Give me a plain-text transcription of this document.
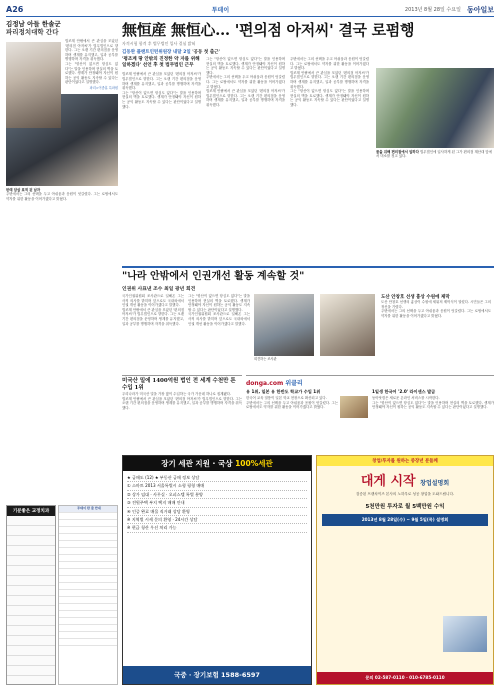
A26	투데이	2013년 8월 28일 수요일 동아일보
김정남 아들 한솔군
파리정치대학 간다

법조계 안팎에서 큰 관심을 모았던 '편의점 아저씨'가 법무법인으로 향한다. 그는 오랜 기간 편의점을 운영하며 생계를 유지했고, 일과 공부를 병행하며 자격을 취득했다.

그는 "항산이 없으면 항심도 없다"는 말을 인용하며 현실의 벽을 토로했다. 생계가 안정돼야 자신이 원하는 공익 활동도 지속할 수 있다는 판단이었다고 설명했다.

파리=이종훈 특파원
한때 암살 표적 된 남자

주변에서는 그의 선택을 두고 아쉬움과 응원이 엇갈렸다. 그는 로펌에서도 약자를 위한 활동을 이어가겠다고 밝혔다.

기분좋은 교정치과
투데이 한 줄 안내
無恒産 無恒心… '편의점 아저씨' 결국 로펌행
자격시험 합격 후 법무법인 입사 결심 밝혀
김동완 플랜트인턴위원장 내달 2일 '공동 첫 출근'
'평조계 땅 안밖의 진정한 약 자를 위해 일하겠다' 선언 후 첫 법무법인 근무

법조계 안팎에서 큰 관심을 모았던 '편의점 아저씨'가 법무법인으로 향한다. 그는 오랜 기간 편의점을 운영하며 생계를 유지했고, 일과 공부를 병행하며 자격을 취득했다.

그는 "항산이 없으면 항심도 없다"는 말을 인용하며 현실의 벽을 토로했다. 생계가 안정돼야 자신이 원하는 공익 활동도 지속할 수 있다는 판단이었다고 설명했다.

그는 "항산이 없으면 항심도 없다"는 말을 인용하며 현실의 벽을 토로했다. 생계가 안정돼야 자신이 원하는 공익 활동도 지속할 수 있다는 판단이었다고 설명했다.

주변에서는 그의 선택을 두고 아쉬움과 응원이 엇갈렸다. 그는 로펌에서도 약자를 위한 활동을 이어가겠다고 밝혔다.

법조계 안팎에서 큰 관심을 모았던 '편의점 아저씨'가 법무법인으로 향한다. 그는 오랜 기간 편의점을 운영하며 생계를 유지했고, 일과 공부를 병행하며 자격을 취득했다.

주변에서는 그의 선택을 두고 아쉬움과 응원이 엇갈렸다. 그는 로펌에서도 약자를 위한 활동을 이어가겠다고 밝혔다.

법조계 안팎에서 큰 관심을 모았던 '편의점 아저씨'가 법무법인으로 향한다. 그는 오랜 기간 편의점을 운영하며 생계를 유지했고, 일과 공부를 병행하며 자격을 취득했다.

그는 "항산이 없으면 항심도 없다"는 말을 인용하며 현실의 벽을 토로했다. 생계가 안정돼야 자신이 원하는 공익 활동도 지속할 수 있다는 판단이었다고 설명했다.

꿈을 위해 편의점에서 일하다 법무법인에 입사하게 된 그가 편의점 계산대 앞에서 미소를 짓고 있다.
"나라 안밖에서 인권개선 활동 계속할 것"
인권위 사표낸 조수 최일 광년 회견

국가인권위원회 조사관으로 일해온 그는 사직 의사를 밝히며 앞으로도 국내외에서 인권 개선 활동을 이어가겠다고 말했다.

법조계 안팎에서 큰 관심을 모았던 '편의점 아저씨'가 법무법인으로 향한다. 그는 오랜 기간 편의점을 운영하며 생계를 유지했고, 일과 공부를 병행하며 자격을 취득했다.

그는 "항산이 없으면 항심도 없다"는 말을 인용하며 현실의 벽을 토로했다. 생계가 안정돼야 자신이 원하는 공익 활동도 지속할 수 있다는 판단이었다고 설명했다.

국가인권위원회 조사관으로 일해온 그는 사직 의사를 밝히며 앞으로도 국내외에서 인권 개선 활동을 이어가겠다고 말했다.

회견하는 조사관
도산 안창호 선생 흉상 수원에 제막

도산 안창호 선생의 흉상이 수원에 세워져 제막식이 열렸다. 시민들은 그의 정신을 기렸다.

주변에서는 그의 선택을 두고 아쉬움과 응원이 엇갈렸다. 그는 로펌에서도 약자를 위한 활동을 이어가겠다고 밝혔다.

미국산 밀에 1400억원 법인 전 세계 수천만 톤 수입 1위

우리나라가 미국산 밀을 가장 많이 수입하는 국가 가운데 하나로 집계됐다.

법조계 안팎에서 큰 관심을 모았던 '편의점 아저씨'가 법무법인으로 향한다. 그는 오랜 기간 편의점을 운영하며 생계를 유지했고, 일과 공부를 병행하며 자격을 취득했다.

donga.com 위클리
유 1위, 일본 유 한반도 학교가 수입 1위

한국어 교육 열풍이 일본 학교 현장으로 확산되고 있다.

주변에서는 그의 선택을 두고 아쉬움과 응원이 엇갈렸다. 그는 로펌에서도 약자를 위한 활동을 이어가겠다고 밝혔다.

1일생 한국어 '2.0' 라이센스 발급

동아닷컴은 새로운 온라인 서비스를 시작한다.

그는 "항산이 없으면 항심도 없다"는 말을 인용하며 현실의 벽을 토로했다. 생계가 안정돼야 자신이 원하는 공익 활동도 지속할 수 있다는 판단이었다고 설명했다.

장기 세관 지원 · 국상 100%세관
★ 급매도 (12) ★ 부동산 급매 정보 상담
① 스마트 2013 서울특별시 소형 평형 매매
② 상가 임대 · 사무실 · 오피스텔 특별 분양
③ 전원주택 부지 택지 매매 안내
④ 인증 완료 매물 직거래 상담 환영
※ 지역별 시세 문의 환영 · 24시간 상담
※ 현금 청산 우선 처리 가능
국중 · 장기보험 1588-6597
창업/투자를 원하는 중장년 분들께
대게 시작 창업설명회
검증된 프랜차이즈 본사의 노하우로 성공 창업을 도와드립니다.
5천만원 투자로 월 5백만원 수익
2013년 8월 28일(수) ~ 9월 5일(목) 설명회
문의 02-587-0110 · 010-6785-0110
